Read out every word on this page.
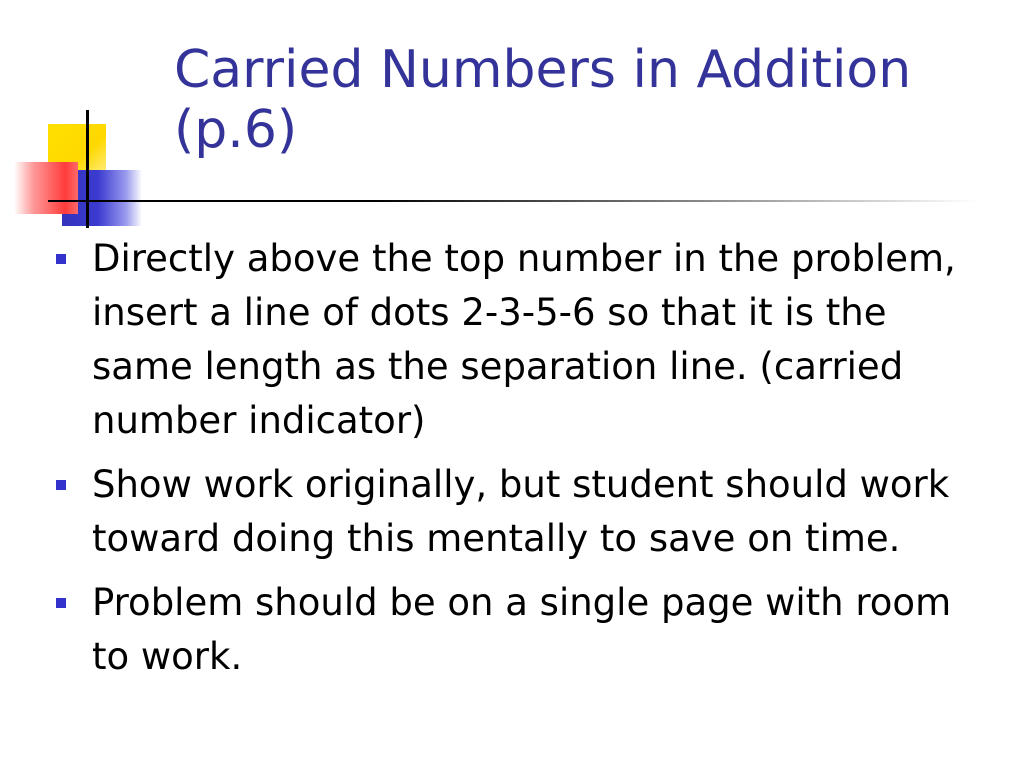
Carried Numbers in Addition
(p.6)
Directly above the top number in the problem, insert a line of dots 2-3-5-6 so that it is the same length as the separation line. (carried number indicator)
Show work originally, but student should work toward doing this mentally to save on time.
Problem should be on a single page with room to work.
